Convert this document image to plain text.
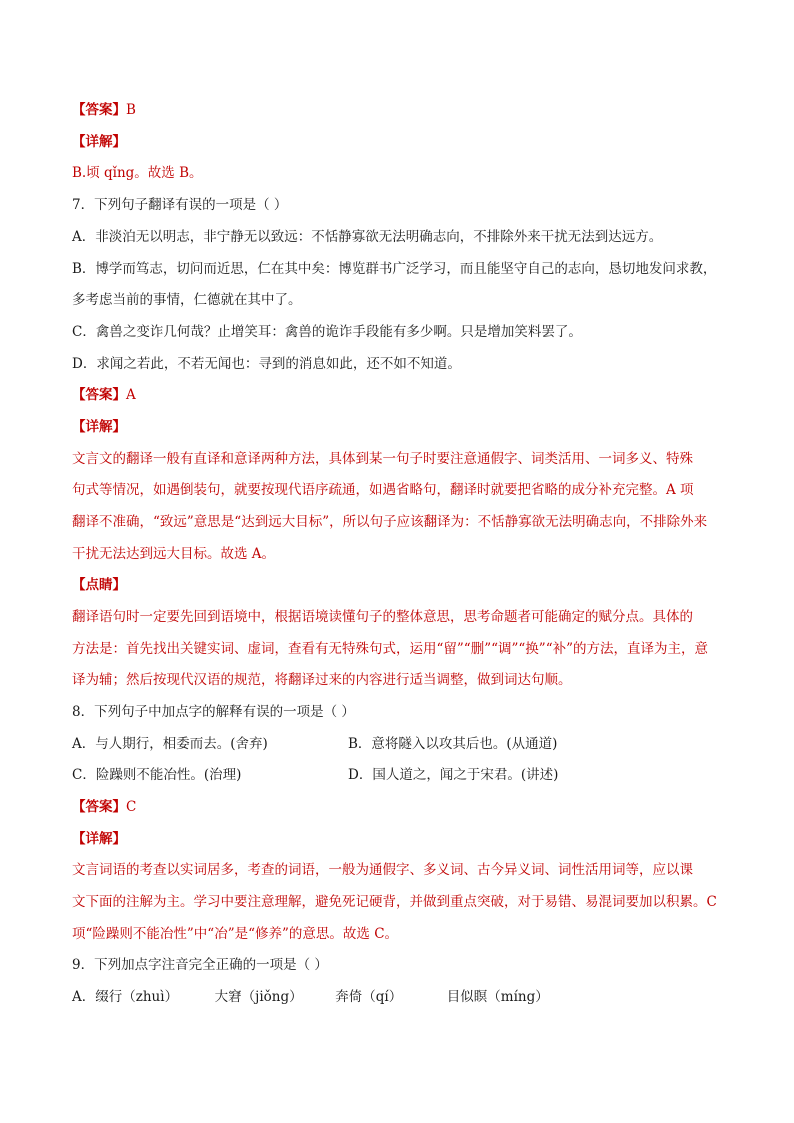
【答案】B
【详解】
B.顷 qǐng。故选 B。
7．下列句子翻译有误的一项是（ ）
A．非淡泊无以明志，非宁静无以致远：不恬静寡欲无法明确志向，不排除外来干扰无法到达远方。
B．博学而笃志，切问而近思，仁在其中矣：博览群书广泛学习，而且能坚守自己的志向，恳切地发问求教，
多考虑当前的事情，仁德就在其中了。
C．禽兽之变诈几何哉？止增笑耳：禽兽的诡诈手段能有多少啊。只是增加笑料罢了。
D．求闻之若此，不若无闻也：寻到的消息如此，还不如不知道。
【答案】A
【详解】
文言文的翻译一般有直译和意译两种方法，具体到某一句子时要注意通假字、词类活用、一词多义、特殊
句式等情况，如遇倒装句，就要按现代语序疏通，如遇省略句，翻译时就要把省略的成分补充完整。A 项
翻译不准确，“致远”意思是“达到远大目标”，所以句子应该翻译为：不恬静寡欲无法明确志向，不排除外来
干扰无法达到远大目标。故选 A。
【点睛】
翻译语句时一定要先回到语境中，根据语境读懂句子的整体意思，思考命题者可能确定的赋分点。具体的
方法是：首先找出关键实词、虚词，查看有无特殊句式，运用“留”“删”“调”“换”“补”的方法，直译为主，意
译为辅；然后按现代汉语的规范，将翻译过来的内容进行适当调整，做到词达句顺。
8．下列句子中加点字的解释有误的一项是（ ）
A．与人期行，相委而去。(舍弃)	B．意将隧入以攻其后也。(从通道)
C．险躁则不能冶性。(治理)	D．国人道之，闻之于宋君。(讲述)
【答案】C
【详解】
文言词语的考查以实词居多，考查的词语，一般为通假字、多义词、古今异义词、词性活用词等，应以课
文下面的注解为主。学习中要注意理解，避免死记硬背，并做到重点突破，对于易错、易混词要加以积累。C
项“险躁则不能冶性”中“冶”是“修养”的意思。故选 C。
9．下列加点字注音完全正确的一项是（ ）
A．缀行（zhuì）	大窘（jiǒng） 奔倚（qí）	目似瞑（míng）
